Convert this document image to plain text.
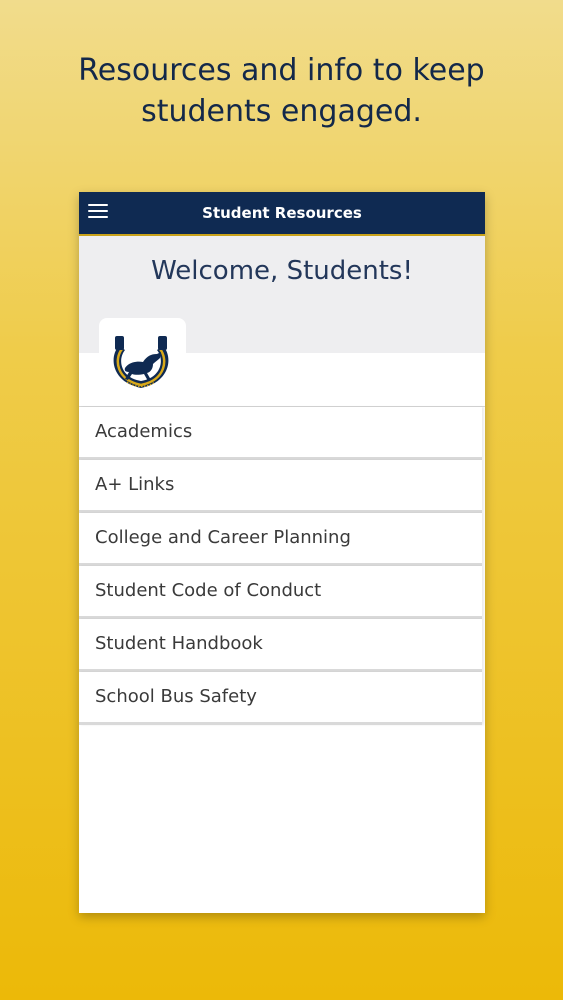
Resources and info to keep
students engaged.
Student Resources
Welcome, Students!
Academics
A+ Links
College and Career Planning
Student Code of Conduct
Student Handbook
School Bus Safety
